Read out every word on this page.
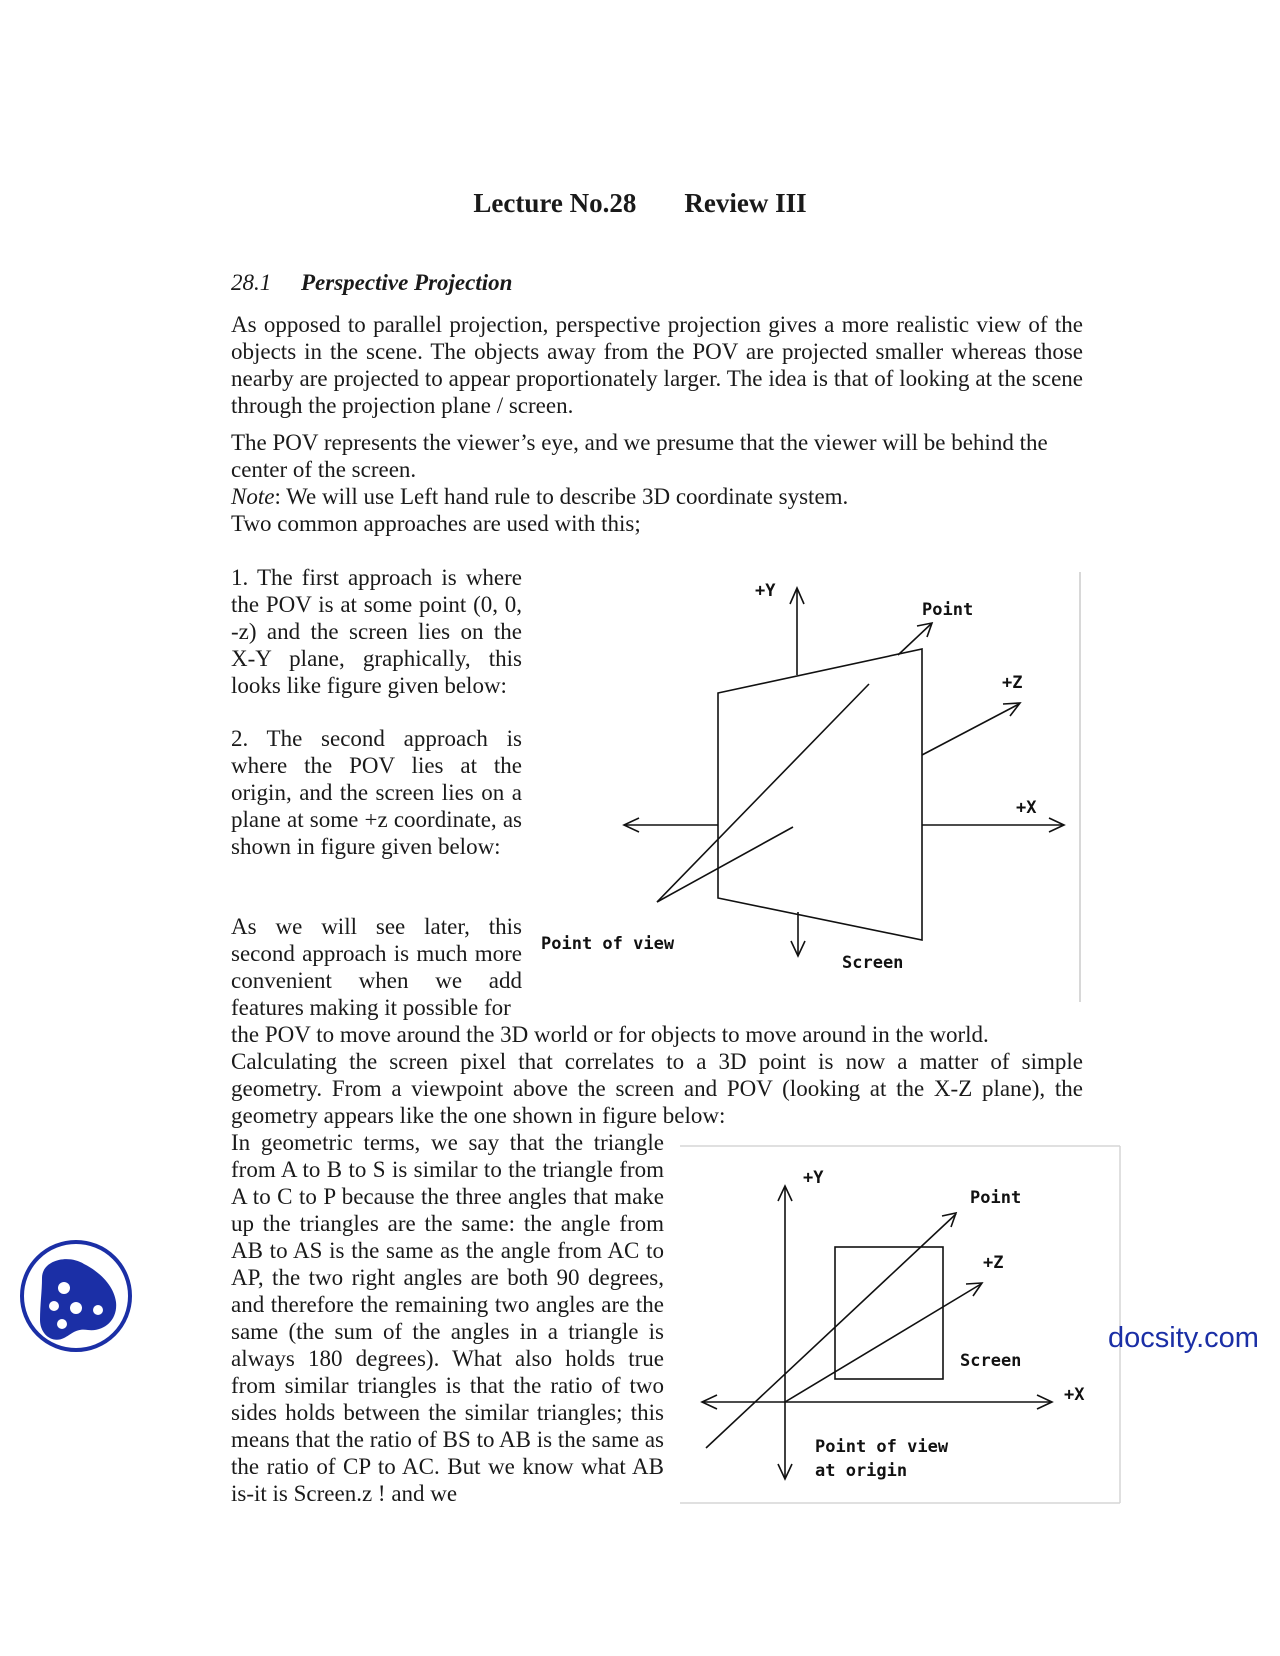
Lecture No.28 Review III
28.1 Perspective Projection

As opposed to parallel projection, perspective projection gives a more realistic view of the objects in the scene. The objects away from the POV are projected smaller whereas those nearby are projected to appear proportionately larger. The idea is that of looking at the scene through the projection plane / screen.

The POV represents the viewer’s eye, and we presume that the viewer will be behind the center of the screen.

Note: We will use Left hand rule to describe 3D coordinate system.

Two common approaches are used with this;

1. The first approach is where the POV is at some point (0, 0, -z) and the screen lies on the X-Y plane, graphically, this looks like figure given below:

2. The second approach is where the POV lies at the origin, and the screen lies on a plane at some +z coordinate, as shown in figure given below:

As we will see later, this second approach is much more convenient when we add features making it possible for

the POV to move around the 3D world or for objects to move around in the world.

Calculating the screen pixel that correlates to a 3D point is now a matter of simple geometry. From a viewpoint above the screen and POV (looking at the X-Z plane), the geometry appears like the one shown in figure below:

In geometric terms, we say that the triangle from A to B to S is similar to the triangle from A to C to P because the three angles that make up the triangles are the same: the angle from AB to AS is the same as the angle from AC to AP, the two right angles are both 90 degrees, and therefore the remaining two angles are the same (the sum of the angles in a triangle is always 180 degrees). What also holds true from similar triangles is that the ratio of two sides holds between the similar triangles; this means that the ratio of BS to AB is the same as the ratio of CP to AC. But we know what AB is-it is Screen.z ! and we

+Y
Point
+Z
+X
Point of view
Screen
+Y
Point
+Z
Screen
+X
Point of view
at origin
docsity.com
